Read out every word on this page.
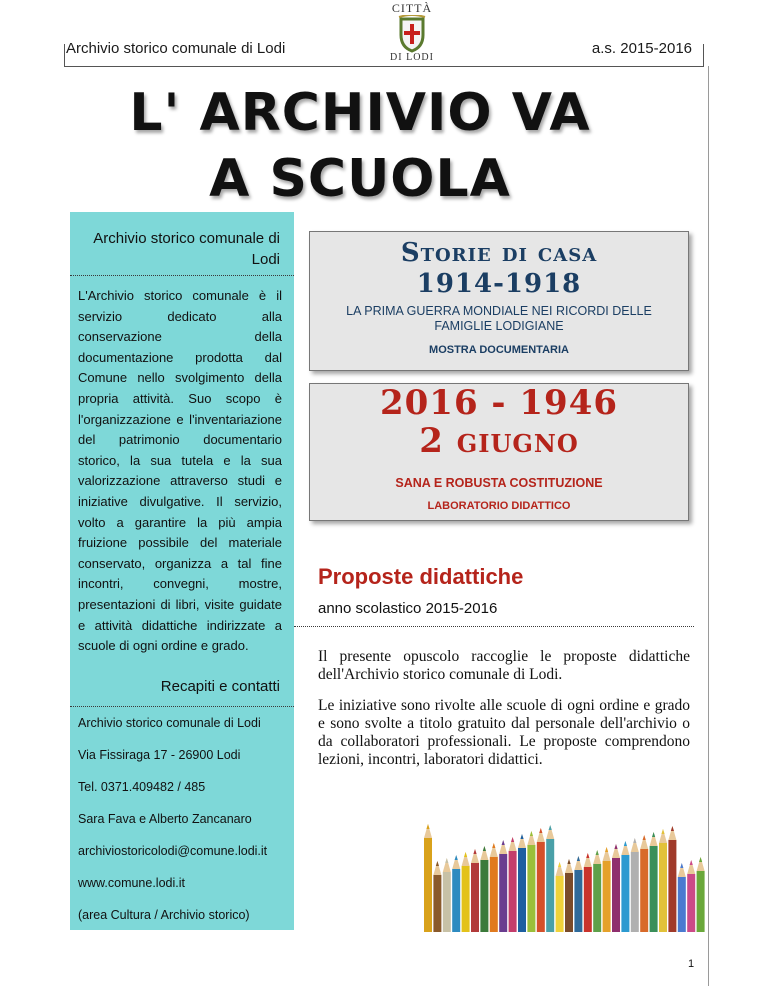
Archivio storico comunale di Lodi	a.s. 2015-2016
CITTÀ
DI LODI
L' ARCHIVIO VA
A SCUOLA
Archivio storico comunale di Lodi
L'Archivio storico comunale è il servizio dedicato alla conservazione della documentazione prodotta dal Comune nello svolgimento della propria attività. Suo scopo è l'organizzazione e l'inventariazione del patrimonio documentario storico, la sua tutela e la sua valorizzazione attraverso studi e iniziative divulgative. Il servizio, volto a garantire la più ampia fruizione possibile del materiale conservato, organizza a tal fine incontri, convegni, mostre, presentazioni di libri, visite guidate e attività didattiche indirizzate a scuole di ogni ordine e grado.
Recapiti e contatti
Archivio storico comunale di Lodi
Via Fissiraga 17 - 26900 Lodi
Tel. 0371.409482 / 485
Sara Fava e Alberto Zancanaro
archiviostoricolodi@comune.lodi.it
www.comune.lodi.it
(area Cultura / Archivio storico)
Storie di casa
1914-1918
LA PRIMA GUERRA MONDIALE NEI RICORDI DELLE FAMIGLIE LODIGIANE
MOSTRA DOCUMENTARIA
2016 - 1946
2 giugno
SANA E ROBUSTA COSTITUZIONE
LABORATORIO DIDATTICO
Proposte didattiche
anno scolastico 2015-2016
Il presente opuscolo raccoglie le proposte didattiche dell'Archivio storico comunale di Lodi.
Le iniziative sono rivolte alle scuole di ogni ordine e grado e sono svolte a titolo gratuito dal personale dell'archivio o da collaboratori professionali. Le proposte comprendono lezioni, incontri, laboratori didattici.
1
